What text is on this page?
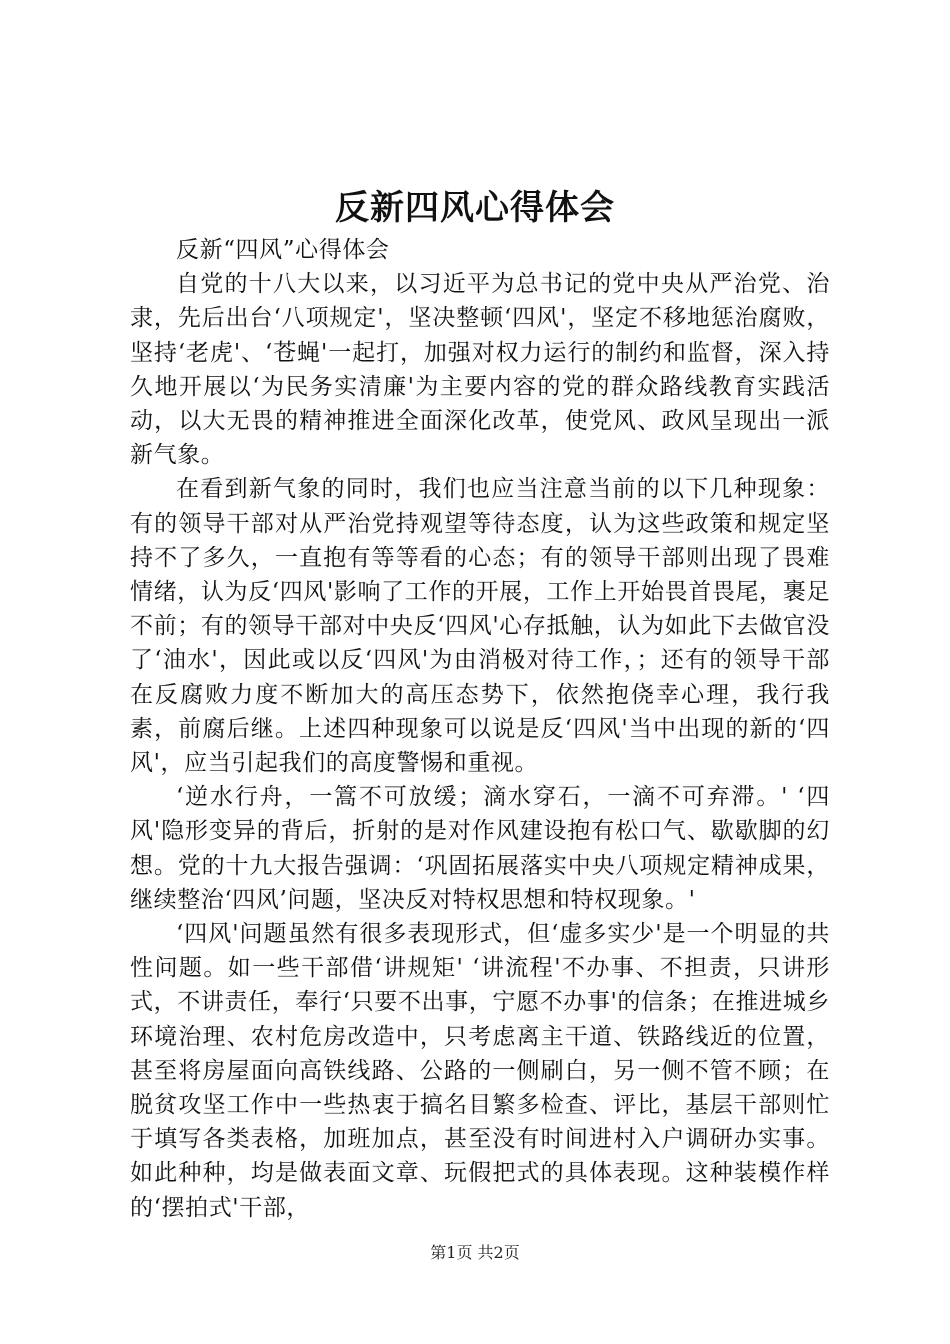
反新四风心得体会

反新“四风”心得体会

自党的十八大以来，以习近平为总书记的党中央从严治党、治隶，先后出台‘八项规定'，坚决整顿‘四风'，坚定不移地惩治腐败，坚持‘老虎'、‘苍蝇'一起打，加强对权力运行的制约和监督，深入持久地开展以‘为民务实清廉'为主要内容的党的群众路线教育实践活动，以大无畏的精神推进全面深化改革，使党风、政风呈现出一派新气象。

在看到新气象的同时，我们也应当注意当前的以下几种现象：有的领导干部对从严治党持观望等待态度，认为这些政策和规定坚持不了多久，一直抱有等等看的心态；有的领导干部则出现了畏难情绪，认为反‘四风'影响了工作的开展，工作上开始畏首畏尾，裹足不前；有的领导干部对中央反‘四风'心存抵触，认为如此下去做官没了‘油水'，因此或以反‘四风'为由消极对待工作，；还有的领导干部在反腐败力度不断加大的高压态势下，依然抱侥幸心理，我行我素，前腐后继。上述四种现象可以说是反‘四风'当中出现的新的‘四风'，应当引起我们的高度警惕和重视。

‘逆水行舟，一篙不可放缓；滴水穿石，一滴不可弃滞。' ‘四风'隐形变异的背后，折射的是对作风建设抱有松口气、歇歇脚的幻想。党的十九大报告强调：‘巩固拓展落实中央八项规定精神成果，继续整治‘四风’问题，坚决反对特权思想和特权现象。'

‘四风'问题虽然有很多表现形式，但‘虚多实少'是一个明显的共性问题。如一些干部借‘讲规矩' ‘讲流程'不办事、不担责，只讲形式，不讲责任，奉行‘只要不出事，宁愿不办事'的信条；在推进城乡环境治理、农村危房改造中，只考虑离主干道、铁路线近的位置，甚至将房屋面向高铁线路、公路的一侧刷白，另一侧不管不顾；在脱贫攻坚工作中一些热衷于搞名目繁多检查、评比，基层干部则忙于填写各类表格，加班加点，甚至没有时间进村入户调研办实事。如此种种，均是做表面文章、玩假把式的具体表现。这种装模作样的‘摆拍式'干部，

第1页 共2页
